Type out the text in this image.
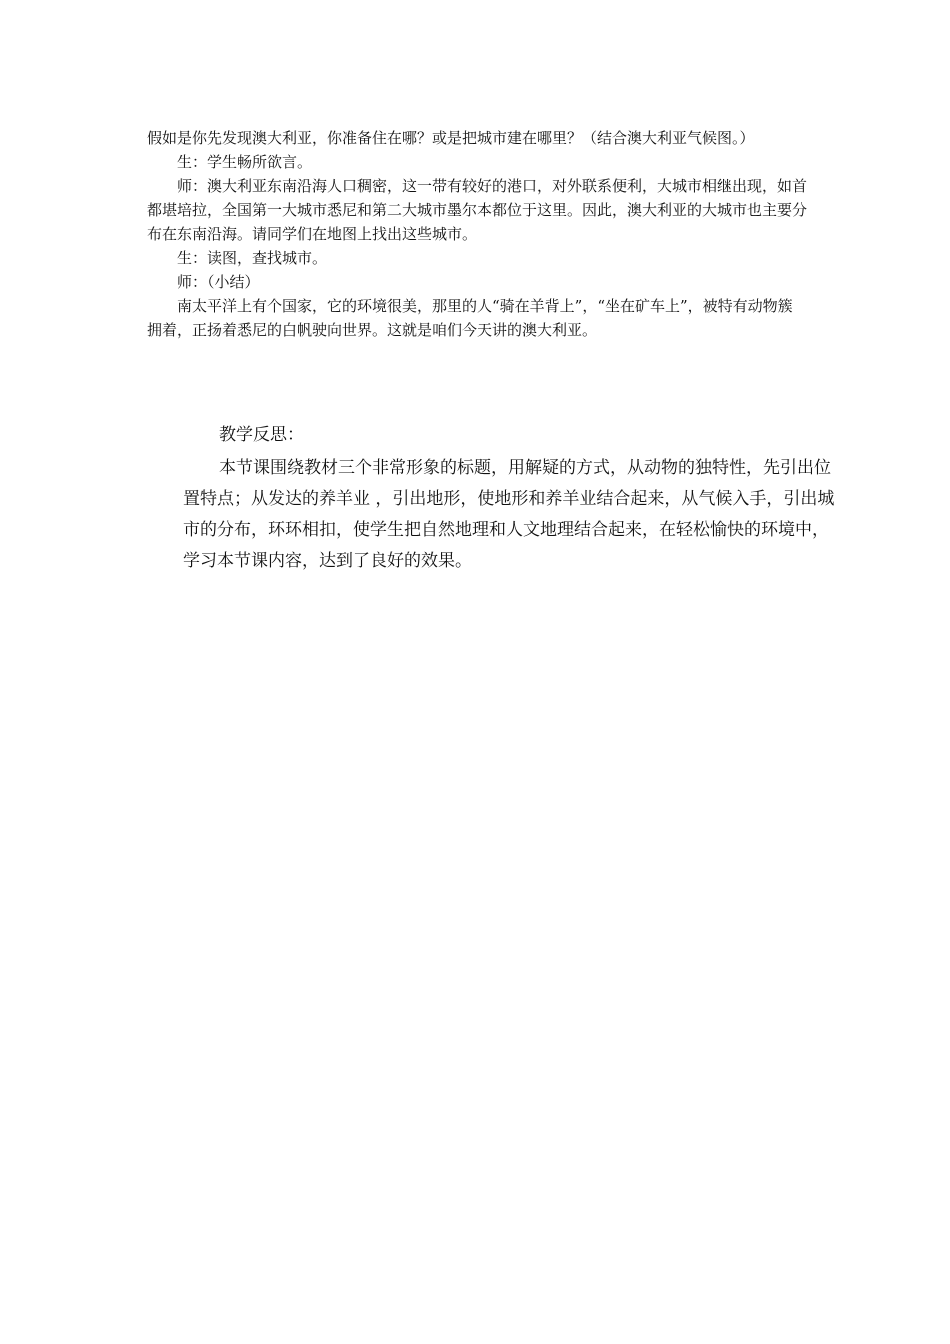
假如是你先发现澳大利亚，你准备住在哪？或是把城市建在哪里？（结合澳大利亚气候图。）

生：学生畅所欲言。

师：澳大利亚东南沿海人口稠密，这一带有较好的港口，对外联系便利，大城市相继出现，如首都堪培拉，全国第一大城市悉尼和第二大城市墨尔本都位于这里。因此，澳大利亚的大城市也主要分布在东南沿海。请同学们在地图上找出这些城市。

生：读图，查找城市。

师：（小结）

南太平洋上有个国家，它的环境很美，那里的人“骑在羊背上”，“坐在矿车上”，被特有动物簇拥着，正扬着悉尼的白帆驶向世界。这就是咱们今天讲的澳大利亚。

教学反思：

本节课围绕教材三个非常形象的标题，用解疑的方式，从动物的独特性，先引出位置特点；从发达的养羊业 ，引出地形，使地形和养羊业结合起来，从气候入手，引出城市的分布，环环相扣，使学生把自然地理和人文地理结合起来，在轻松愉快的环境中，学习本节课内容，达到了良好的效果。
